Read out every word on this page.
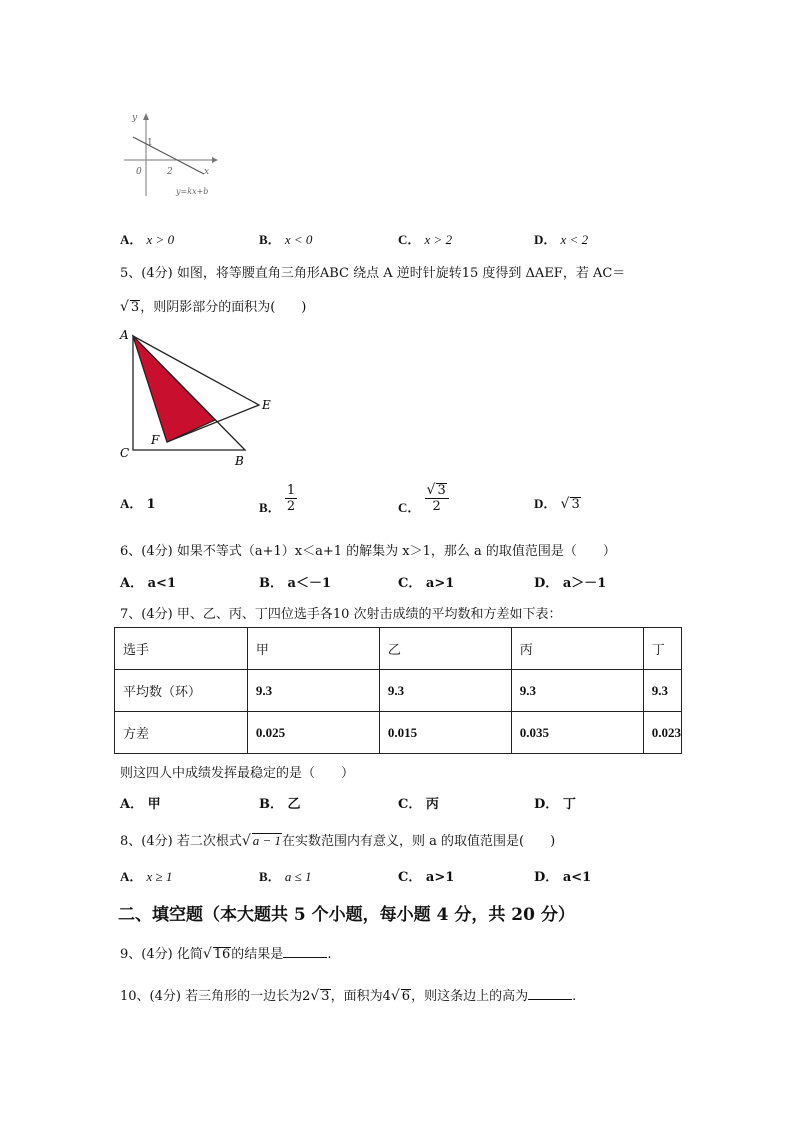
y
x
0
1
2
y=kx+b
A． x > 0	B． x < 0	C． x > 2	D． x < 2
5、(4分) 如图，将等腰直角三角形ABC 绕点 A 逆时针旋转15 度得到 ΔAEF，若 AC＝
√ 3，则阴影部分的面积为(　　)
A
C
B
E
F
A． 1	B． $\frac{1}{2}$	C． $\frac{√ 3}{2}$	D． √ 3
6、(4分) 如果不等式（a+1）x＜a+1 的解集为 x＞1，那么 a 的取值范围是（　　）
A． a<1	B． a＜－1	C． a>1	D． a＞－1
7、(4分) 甲、乙、丙、丁四位选手各10 次射击成绩的平均数和方差如下表：
选手	甲	乙	丙	丁
平均数（环）	9.3	9.3	9.3	9.3
方差	0.025	0.015	0.035	0.023
则这四人中成绩发挥最稳定的是（　　）
A． 甲	B． 乙	C． 丙	D． 丁
8、(4分) 若二次根式√ a − 1在实数范围内有意义，则 a 的取值范围是(　　)
A． x ≥ 1	B． a ≤ 1	C． a>1	D． a<1
二、填空题（本大题共 5 个小题，每小题 4 分，共 20 分）
9、(4分) 化简√ 16的结果是	.
10、(4分) 若三角形的一边长为2√ 3，面积为4√ 6，则这条边上的高为	.
